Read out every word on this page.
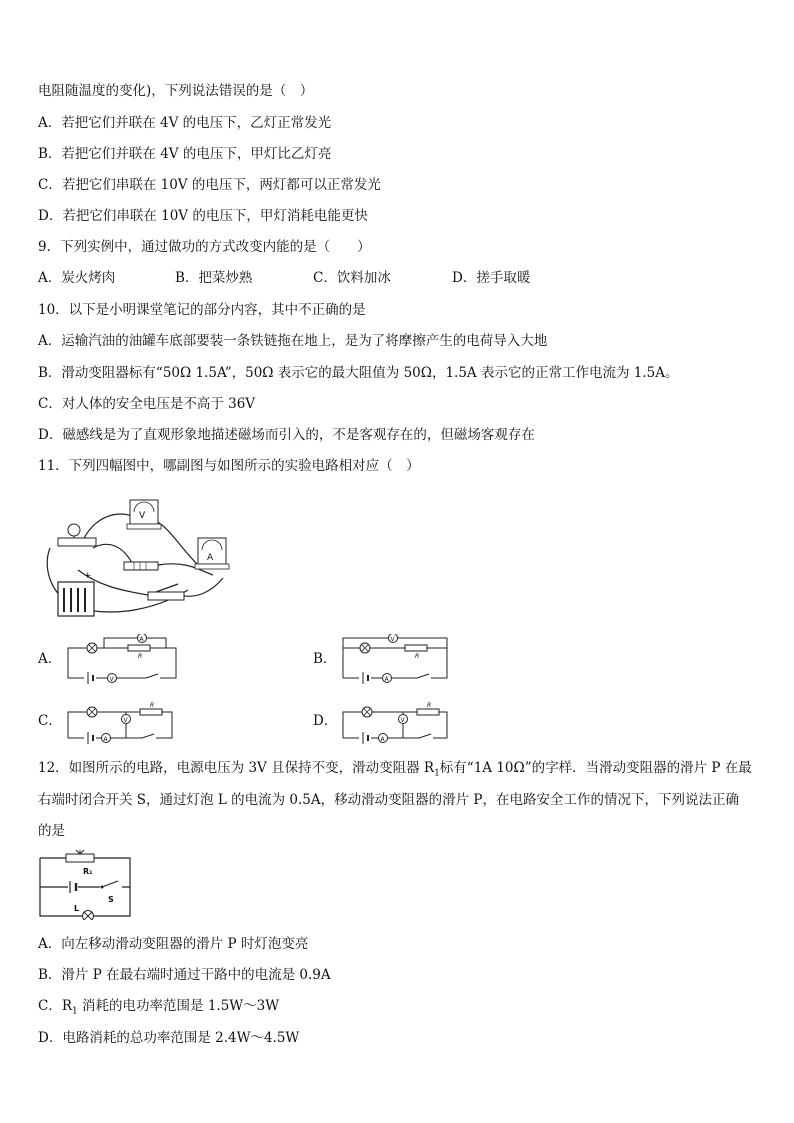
电阻随温度的变化)，下列说法错误的是（　）
A．若把它们并联在 4V 的电压下，乙灯正常发光
B．若把它们并联在 4V 的电压下，甲灯比乙灯亮
C．若把它们串联在 10V 的电压下，两灯都可以正常发光
D．若把它们串联在 10V 的电压下，甲灯消耗电能更快
9．下列实例中，通过做功的方式改变内能的是（　　）
A．炭火烤肉	B．把菜炒熟	C．饮料加冰	D．搓手取暖
10．以下是小明课堂笔记的部分内容，其中不正确的是
A．运输汽油的油罐车底部要装一条铁链拖在地上，是为了将摩擦产生的电荷导入大地
B．滑动变阻器标有“50Ω 1.5A”，50Ω 表示它的最大阻值为 50Ω，1.5A 表示它的正常工作电流为 1.5A。
C．对人体的安全电压是不高于 36V
D．磁感线是为了直观形象地描述磁场而引入的，不是客观存在的，但磁场客观存在
11．下列四幅图中，哪副图与如图所示的实验电路相对应（　）
V
A
+
A．
A
R
V
B．
V
R
A
C．	V
R
A
D．	V
R
A
12．如图所示的电路，电源电压为 3V 且保持不变，滑动变阻器 $R_1$标有“1A 10Ω”的字样．当滑动变阻器的滑片 P 在最
右端时闭合开关 S，通过灯泡 L 的电流为 0.5A，移动滑动变阻器的滑片 P，在电路安全工作的情况下，下列说法正确
的是
R₁
S
L
A．向左移动滑动变阻器的滑片 P 时灯泡变亮
B．滑片 P 在最右端时通过干路中的电流是 0.9A
C．$R_1$ 消耗的电功率范围是 1.5W～3W
D．电路消耗的总功率范围是 2.4W～4.5W
